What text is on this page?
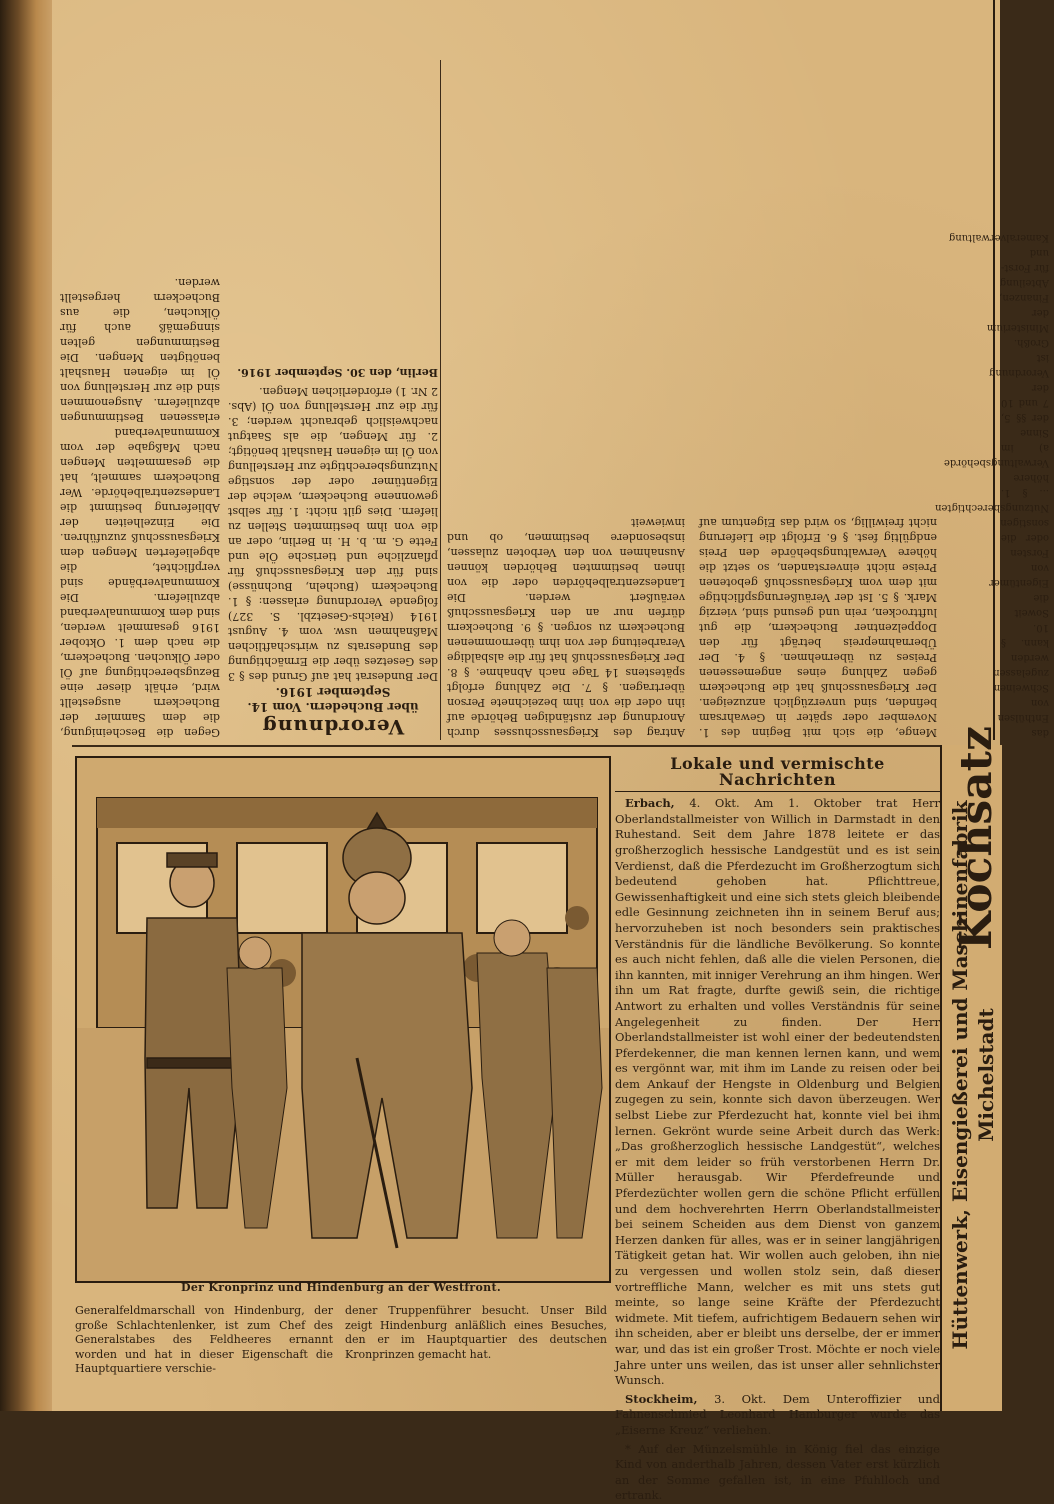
Gegen die Bescheinigung, die dem Sammler der Bucheckern ausgestellt wird, erhält dieser eine Bezugsberechtigung auf Öl oder Ölkuchen. Bucheckern, die nach dem 1. Oktober 1916 gesammelt werden, sind dem Kommunalverband abzuliefern. Die Kommunalverbände sind verpflichtet, die abgelieferten Mengen dem Kriegsausschuß zuzuführen. Die Einzelheiten der Ablieferung bestimmt die Landeszentralbehörde. Wer Bucheckern sammelt, hat die gesammelten Mengen nach Maßgabe der vom Kommunalverband erlassenen Bestimmungen abzuliefern. Ausgenommen sind die zur Herstellung von Öl im eigenen Haushalt benötigten Mengen. Die Bestimmungen gelten sinngemäß auch für Ölkuchen, die aus Bucheckern hergestellt werden.
Verordnung
über Buchedern. Vom 14. September 1916.
Der Bundesrat hat auf Grund des § 3 des Gesetzes über die Ermächtigung des Bundesrats zu wirtschaftlichen Maßnahmen usw. vom 4. August 1914 (Reichs-Gesetzbl. S. 327) folgende Verordnung erlassen: § 1. Bucheckern (Bucheln, Buchnüsse) sind für den Kriegsausschuß für pflanzliche und tierische Öle und Fette G. m. b. H. in Berlin, oder an die von ihm bestimmten Stellen zu liefern. Dies gilt nicht: 1. für selbst gewonnene Bucheckern, welche der Eigentümer oder der sonstige Nutzungsberechtigte zur Herstellung von Öl im eigenen Haushalt benötigt; 2. für Mengen, die als Saatgut nachweislich gebraucht werden; 3. für die zur Herstellung von Öl (Abs. 2 Nr. 1) erforderlichen Mengen.
Berlin, den 30. September 1916.
Menge, die sich mit Beginn des 1. November oder später in Gewahrsam befinden, sind unverzüglich anzuzeigen. Der Kriegsausschuß hat die Bucheckern gegen Zahlung eines angemessenen Preises zu übernehmen. § 4. Der Übernahmepreis beträgt für den Doppelzentner Bucheckern, die gut lufttrocken, rein und gesund sind, vierzig Mark. § 5. Ist der Veräußerungspflichtige mit dem vom Kriegsausschuß gebotenen Preise nicht einverstanden, so setzt die höhere Verwaltungsbehörde den Preis endgültig fest. § 6. Erfolgt die Lieferung nicht freiwillig, so wird das Eigentum auf Antrag des Kriegsausschusses durch Anordnung der zuständigen Behörde auf ihn oder die von ihm bezeichnete Person übertragen. § 7. Die Zahlung erfolgt spätestens 14 Tage nach Abnahme. § 8. Der Kriegsausschuß hat für die alsbaldige Verarbeitung der von ihm übernommenen Bucheckern zu sorgen. § 9. Bucheckern dürfen nur an den Kriegsausschuß veräußert werden. Die Landeszentralbehörden oder die von ihnen bestimmten Behörden können Ausnahmen von den Verboten zulassen, insbesondere bestimmen, ob und inwieweit
das Enthülsen von Schweinen zugelassen werden kann. § 10. Soweit die Eigentümer von Forsten oder die sonstigen Nutzungsberechtigten ... § 1. höhere Verwaltungsbehörde a) im Sinne der §§ 5, 7 und 10 der Verordnung ist Großh. Ministerium der Finanzen, Abteilung für Forst- und Kameralverwaltung
Der Kronprinz und Hindenburg an der Westfront.
Generalfeldmarschall von Hindenburg, der große Schlachtenlenker, ist zum Chef des Generalstabes des Feldheeres ernannt worden und hat in dieser Eigenschaft die Hauptquartiere verschie-
dener Truppenführer besucht. Unser Bild zeigt Hindenburg anläßlich eines Besuches, den er im Hauptquartier des deutschen Kronprinzen gemacht hat.
Lokale und vermischte Nachrichten

Erbach, 4. Okt. Am 1. Oktober trat Herr Oberlandstallmeister von Willich in Darmstadt in den Ruhestand. Seit dem Jahre 1878 leitete er das großherzoglich hessische Landgestüt und es ist sein Verdienst, daß die Pferdezucht im Großherzogtum sich bedeutend gehoben hat. Pflichttreue, Gewissenhaftigkeit und eine sich stets gleich bleibende edle Gesinnung zeichneten ihn in seinem Beruf aus; hervorzuheben ist noch besonders sein praktisches Verständnis für die ländliche Bevölkerung. So konnte es auch nicht fehlen, daß alle die vielen Personen, die ihn kannten, mit inniger Verehrung an ihm hingen. Wer ihn um Rat fragte, durfte gewiß sein, die richtige Antwort zu erhalten und volles Verständnis für seine Angelegenheit zu finden. Der Herr Oberlandstallmeister ist wohl einer der bedeutendsten Pferdekenner, die man kennen lernen kann, und wem es vergönnt war, mit ihm im Lande zu reisen oder bei dem Ankauf der Hengste in Oldenburg und Belgien zugegen zu sein, konnte sich davon überzeugen. Wer selbst Liebe zur Pferdezucht hat, konnte viel bei ihm lernen. Gekrönt wurde seine Arbeit durch das Werk: „Das großherzoglich hessische Landgestüt“, welches er mit dem leider so früh verstorbenen Herrn Dr. Müller herausgab. Wir Pferdefreunde und Pferdezüchter wollen gern die schöne Pflicht erfüllen und dem hochverehrten Herrn Oberlandstallmeister bei seinem Scheiden aus dem Dienst von ganzem Herzen danken für alles, was er in seiner langjährigen Tätigkeit getan hat. Wir wollen auch geloben, ihn nie zu vergessen und wollen stolz sein, daß dieser vortreffliche Mann, welcher es mit uns stets gut meinte, so lange seine Kräfte der Pferdezucht widmete. Mit tiefem, aufrichtigem Bedauern sehen wir ihn scheiden, aber er bleibt uns derselbe, der er immer war, und das ist ein großer Trost. Möchte er noch viele Jahre unter uns weilen, das ist unser aller sehnlichster Wunsch.

Stockheim, 3. Okt. Dem Unteroffizier und Fahnenschmied Leonhard Hamburger wurde das „Eiserne Kreuz“ verliehen.

* Auf der Münzelsmühle in König fiel das einzige Kind von anderthalb Jahren, dessen Vater erst kürzlich an der Somme gefallen ist, in eine Pfuhlloch und ertrank.

Kochsatz
Hüttenwerk, Eisengießerei und Maschinenfabrik Michelstadt
